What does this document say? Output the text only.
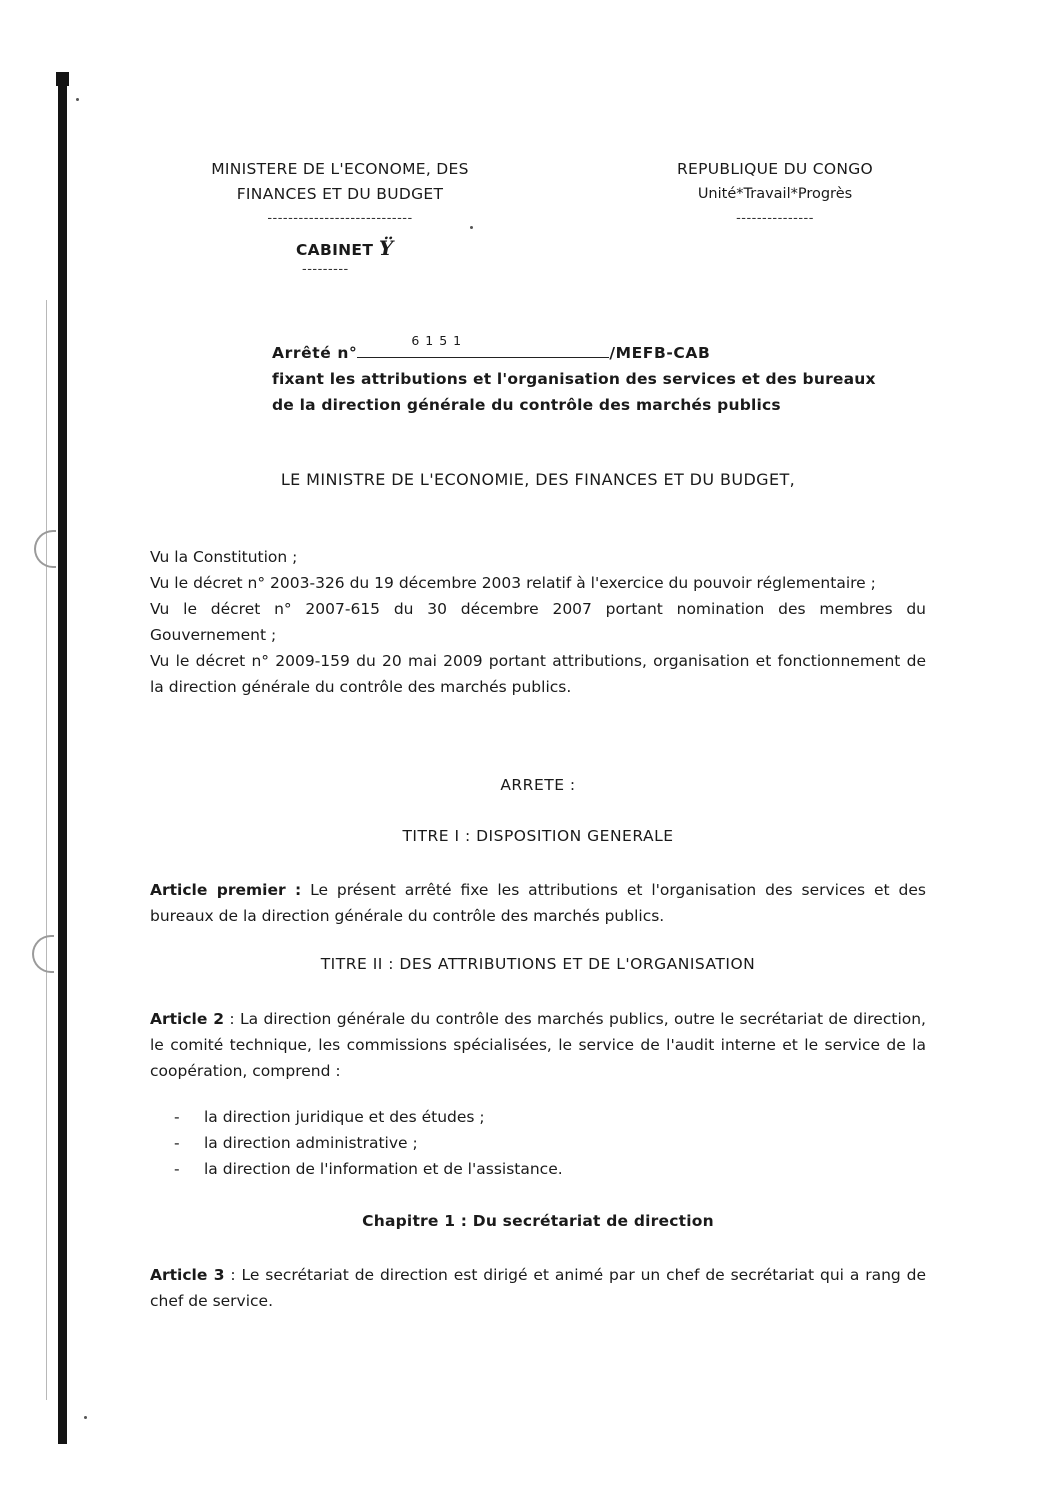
MINISTERE DE L'ECONOME, DES
FINANCES ET DU BUDGET
----------------------------
CABINET Ÿ
---------
REPUBLIQUE DU CONGO
Unité*Travail*Progrès
---------------
Arrêté n°
6151
/MEFB-CAB
fixant les attributions et l'organisation des services et des bureaux
de la direction générale du contrôle des marchés publics
LE MINISTRE DE L'ECONOMIE, DES FINANCES ET DU BUDGET,
Vu la Constitution ;
Vu le décret n° 2003-326 du 19 décembre 2003 relatif à l'exercice du pouvoir réglementaire ;
Vu le décret n° 2007-615 du 30 décembre 2007 portant nomination des membres du Gouvernement ;
Vu le décret n° 2009-159 du 20 mai 2009 portant attributions, organisation et fonctionnement de la direction générale du contrôle des marchés publics.
ARRETE :
TITRE I : DISPOSITION GENERALE
Article premier : Le présent arrêté fixe les attributions et l'organisation des services et des bureaux de la direction générale du contrôle des marchés publics.
TITRE II : DES ATTRIBUTIONS ET DE L'ORGANISATION
Article 2 : La direction générale du contrôle des marchés publics, outre le secrétariat de direction, le comité technique, les commissions spécialisées, le service de l'audit interne et le service de la coopération, comprend :
- la direction juridique et des études ;
- la direction administrative ;
- la direction de l'information et de l'assistance.
Chapitre 1 : Du secrétariat de direction
Article 3 : Le secrétariat de direction est dirigé et animé par un chef de secrétariat qui a rang de chef de service.
